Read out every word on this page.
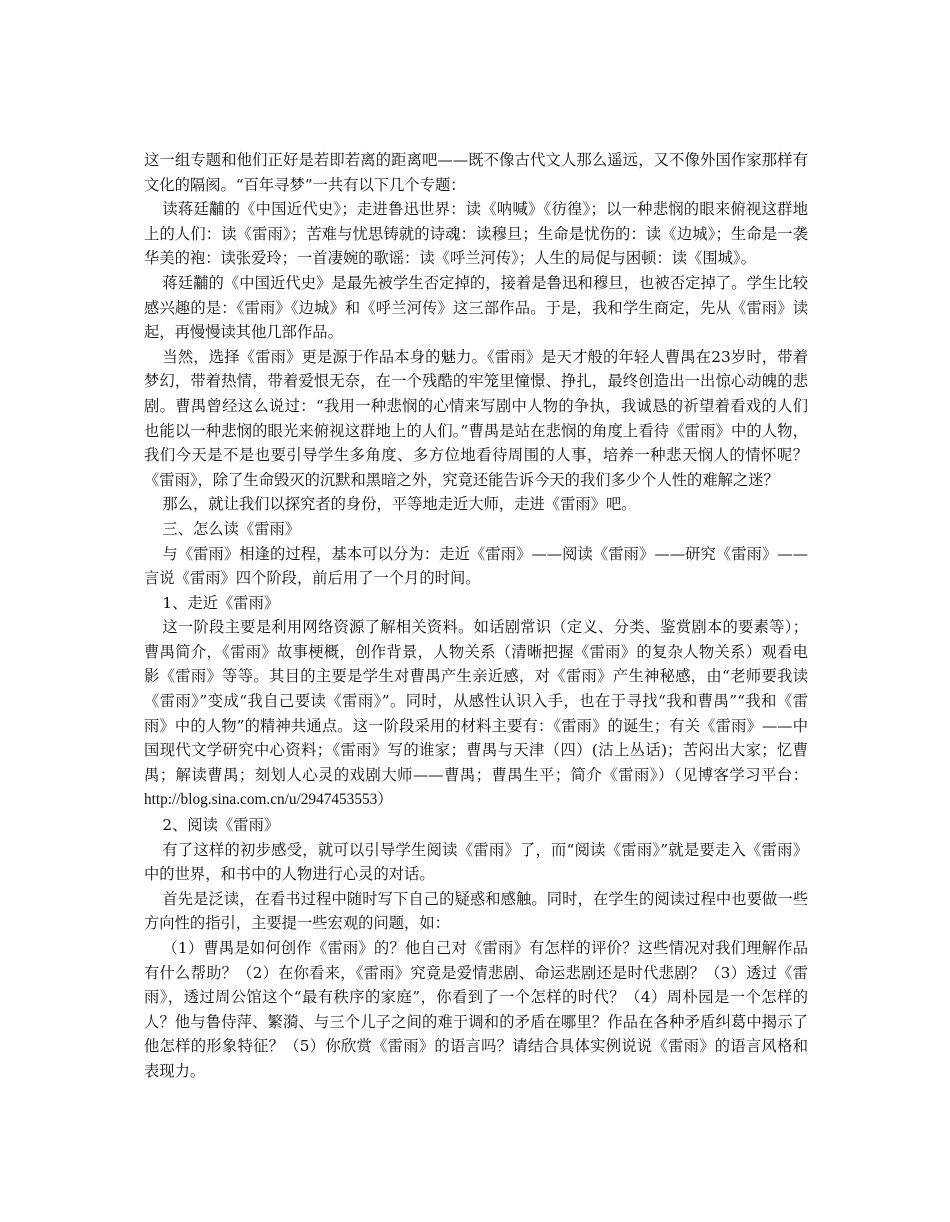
这一组专题和他们正好是若即若离的距离吧——既不像古代文人那么遥远，又不像外国作家那样有文化的隔阂。“百年寻梦”一共有以下几个专题：

读蒋廷黼的《中国近代史》；走进鲁迅世界：读《呐喊》《彷徨》；以一种悲悯的眼来俯视这群地上的人们：读《雷雨》；苦难与忧思铸就的诗魂：读穆旦；生命是忧伤的：读《边城》；生命是一袭华美的袍：读张爱玲；一首凄婉的歌谣：读《呼兰河传》；人生的局促与困顿：读《围城》。

蒋廷黼的《中国近代史》是最先被学生否定掉的，接着是鲁迅和穆旦，也被否定掉了。学生比较感兴趣的是：《雷雨》《边城》和《呼兰河传》这三部作品。于是，我和学生商定，先从《雷雨》读起，再慢慢读其他几部作品。

当然，选择《雷雨》更是源于作品本身的魅力。《雷雨》是天才般的年轻人曹禺在23岁时，带着梦幻，带着热情，带着爱恨无奈，在一个残酷的牢笼里憧憬、挣扎，最终创造出一出惊心动魄的悲剧。曹禺曾经这么说过：“我用一种悲悯的心情来写剧中人物的争执，我诚恳的祈望着看戏的人们也能以一种悲悯的眼光来俯视这群地上的人们。”曹禺是站在悲悯的角度上看待《雷雨》中的人物，我们今天是不是也要引导学生多角度、多方位地看待周围的人事，培养一种悲天悯人的情怀呢？《雷雨》，除了生命毁灭的沉默和黑暗之外，究竟还能告诉今天的我们多少个人性的难解之迷？

那么，就让我们以探究者的身份，平等地走近大师，走进《雷雨》吧。

三、怎么读《雷雨》

与《雷雨》相逢的过程，基本可以分为：走近《雷雨》——阅读《雷雨》——研究《雷雨》——言说《雷雨》四个阶段，前后用了一个月的时间。

1、走近《雷雨》

这一阶段主要是利用网络资源了解相关资料。如话剧常识（定义、分类、鉴赏剧本的要素等）；曹禺简介，《雷雨》故事梗概，创作背景，人物关系（清晰把握《雷雨》的复杂人物关系）观看电影《雷雨》等等。其目的主要是学生对曹禺产生亲近感，对《雷雨》产生神秘感，由“老师要我读《雷雨》”变成“我自己要读《雷雨》”。同时，从感性认识入手，也在于寻找“我和曹禺”“我和《雷雨》中的人物”的精神共通点。这一阶段采用的材料主要有：《雷雨》的诞生；有关《雷雨》——中国现代文学研究中心资料；《雷雨》写的谁家；曹禺与天津（四）(沽上丛话)；苦闷出大家；忆曹禺；解读曹禺；刻划人心灵的戏剧大师——曹禺；曹禺生平；简介《雷雨》）（见博客学习平台：http://blog.sina.com.cn/u/2947453553）

2、阅读《雷雨》

有了这样的初步感受，就可以引导学生阅读《雷雨》了，而“阅读《雷雨》”就是要走入《雷雨》中的世界，和书中的人物进行心灵的对话。

首先是泛读，在看书过程中随时写下自己的疑惑和感触。同时，在学生的阅读过程中也要做一些方向性的指引，主要提一些宏观的问题，如：

（1）曹禺是如何创作《雷雨》的？他自己对《雷雨》有怎样的评价？这些情况对我们理解作品有什么帮助？（2）在你看来，《雷雨》究竟是爱情悲剧、命运悲剧还是时代悲剧？（3）透过《雷雨》，透过周公馆这个“最有秩序的家庭”，你看到了一个怎样的时代？（4）周朴园是一个怎样的人？他与鲁侍萍、繁漪、与三个儿子之间的难于调和的矛盾在哪里？作品在各种矛盾纠葛中揭示了他怎样的形象特征？（5）你欣赏《雷雨》的语言吗？请结合具体实例说说《雷雨》的语言风格和表现力。
